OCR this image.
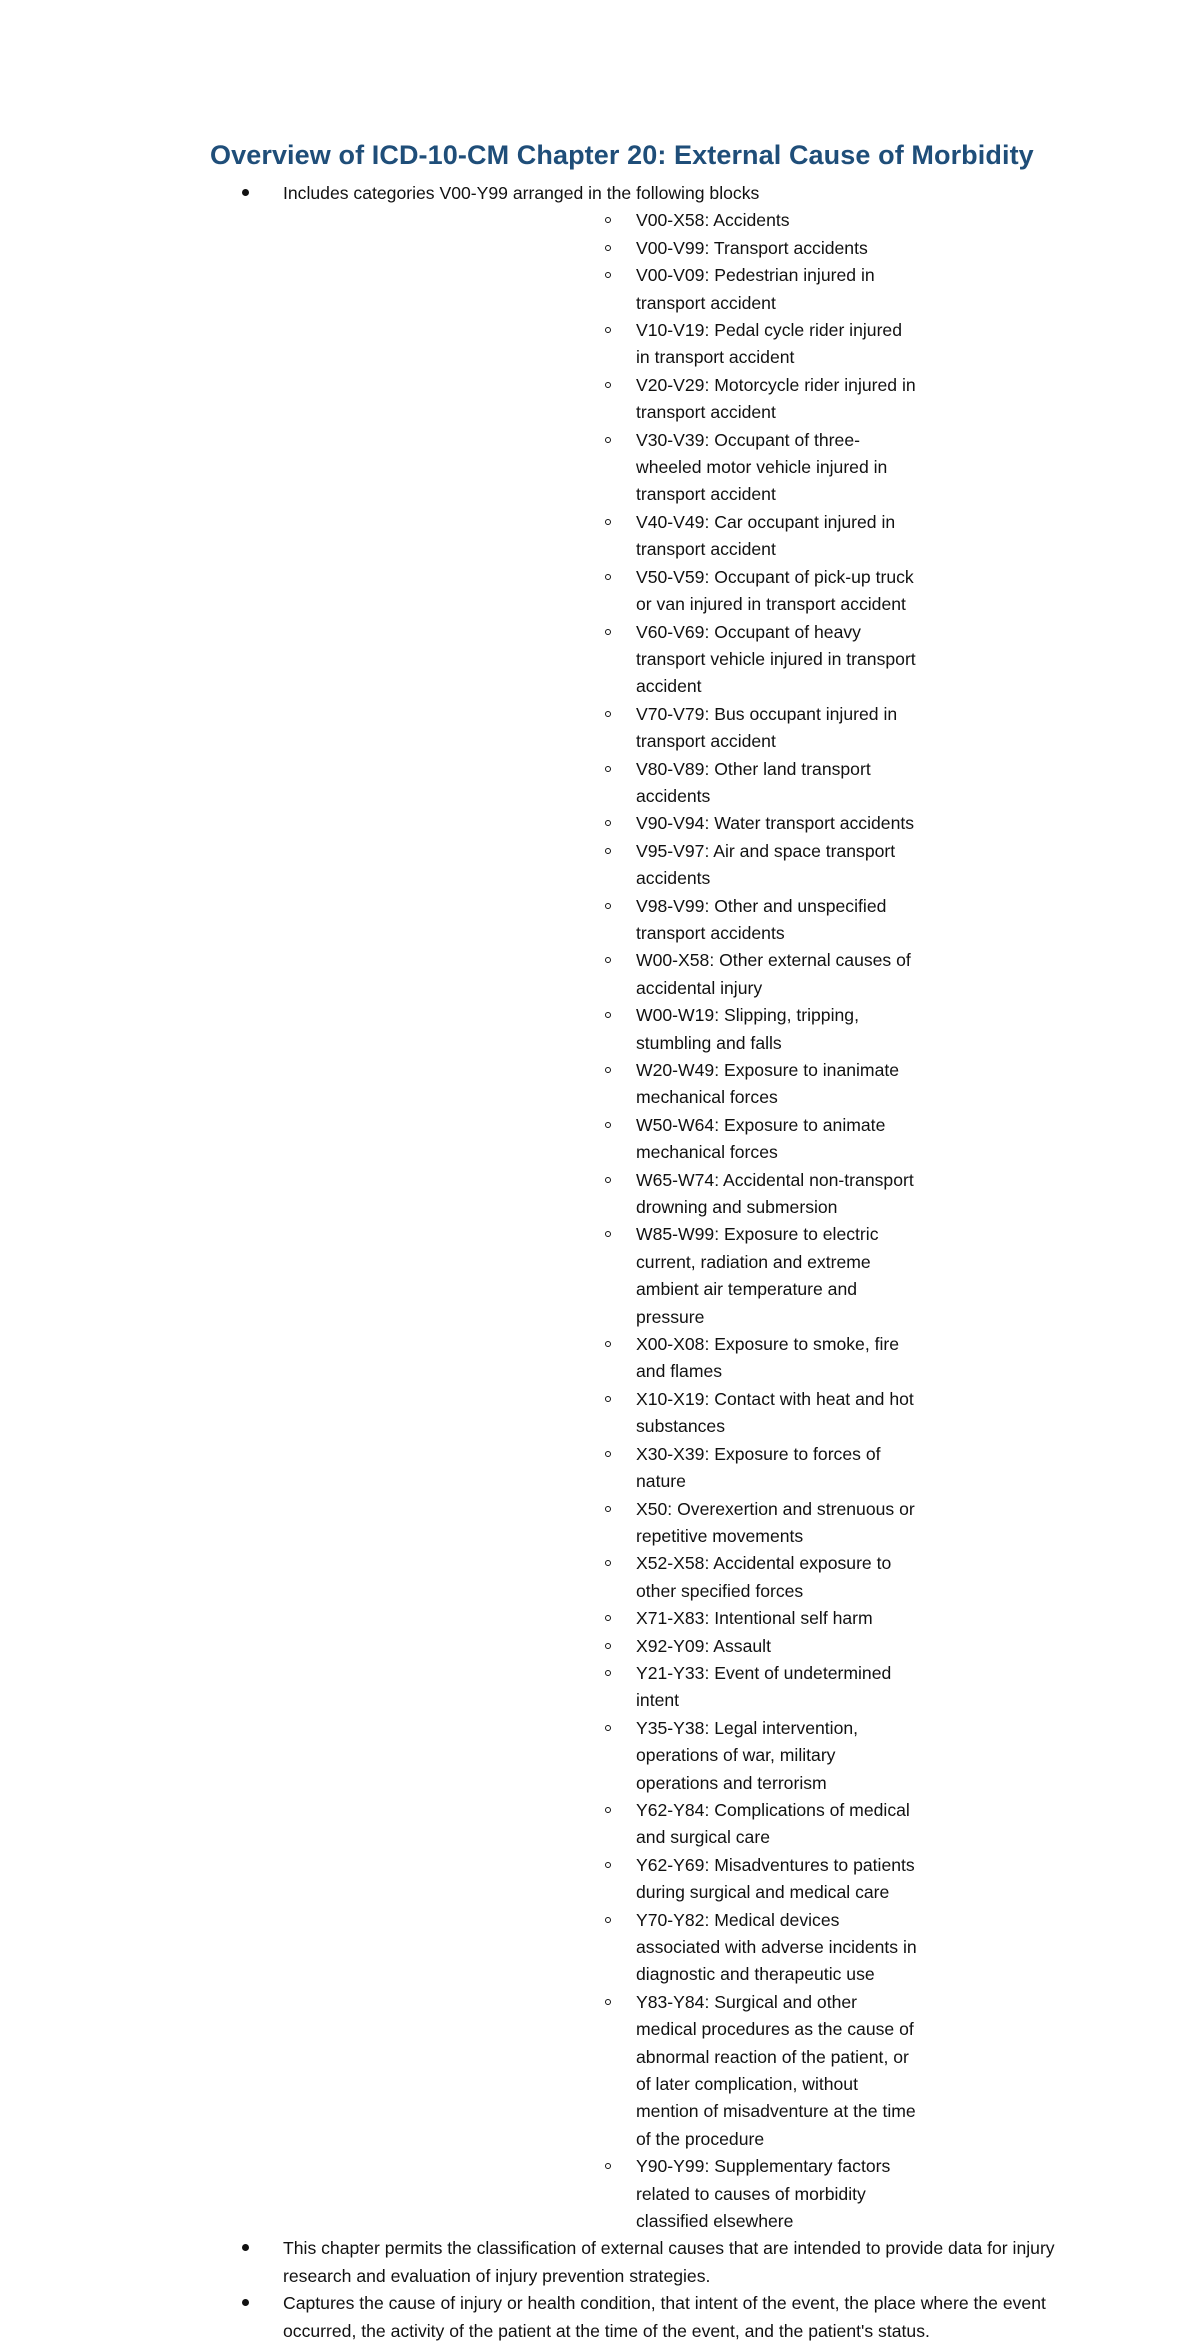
Overview of ICD-10-CM Chapter 20: External Cause of Morbidity
Includes categories V00-Y99 arranged in the following blocks
V00-X58: Accidents
V00-V99: Transport accidents
V00-V09: Pedestrian injured in transport accident
V10-V19: Pedal cycle rider injured in transport accident
V20-V29: Motorcycle rider injured in transport accident
V30-V39: Occupant of three-wheeled motor vehicle injured in transport accident
V40-V49: Car occupant injured in transport accident
V50-V59: Occupant of pick-up truck or van injured in transport accident
V60-V69: Occupant of heavy transport vehicle injured in transport accident
V70-V79: Bus occupant injured in transport accident
V80-V89: Other land transport accidents
V90-V94: Water transport accidents
V95-V97: Air and space transport accidents
V98-V99: Other and unspecified transport accidents
W00-X58: Other external causes of accidental injury
W00-W19: Slipping, tripping, stumbling and falls
W20-W49: Exposure to inanimate mechanical forces
W50-W64: Exposure to animate mechanical forces
W65-W74: Accidental non-transport drowning and submersion
W85-W99: Exposure to electric current, radiation and extreme ambient air temperature and pressure
X00-X08: Exposure to smoke, fire and flames
X10-X19: Contact with heat and hot substances
X30-X39: Exposure to forces of nature
X50: Overexertion and strenuous or repetitive movements
X52-X58: Accidental exposure to other specified forces
X71-X83: Intentional self harm
X92-Y09: Assault
Y21-Y33: Event of undetermined intent
Y35-Y38: Legal intervention, operations of war, military operations and terrorism
Y62-Y84: Complications of medical and surgical care
Y62-Y69: Misadventures to patients during surgical and medical care
Y70-Y82: Medical devices associated with adverse incidents in diagnostic and therapeutic use
Y83-Y84: Surgical and other medical procedures as the cause of abnormal reaction of the patient, or of later complication, without mention of misadventure at the time of the procedure
Y90-Y99: Supplementary factors related to causes of morbidity classified elsewhere
This chapter permits the classification of external causes that are intended to provide data for injury research and evaluation of injury prevention strategies.
Captures the cause of injury or health condition, that intent of the event, the place where the event occurred, the activity of the patient at the time of the event, and the patient's status.
